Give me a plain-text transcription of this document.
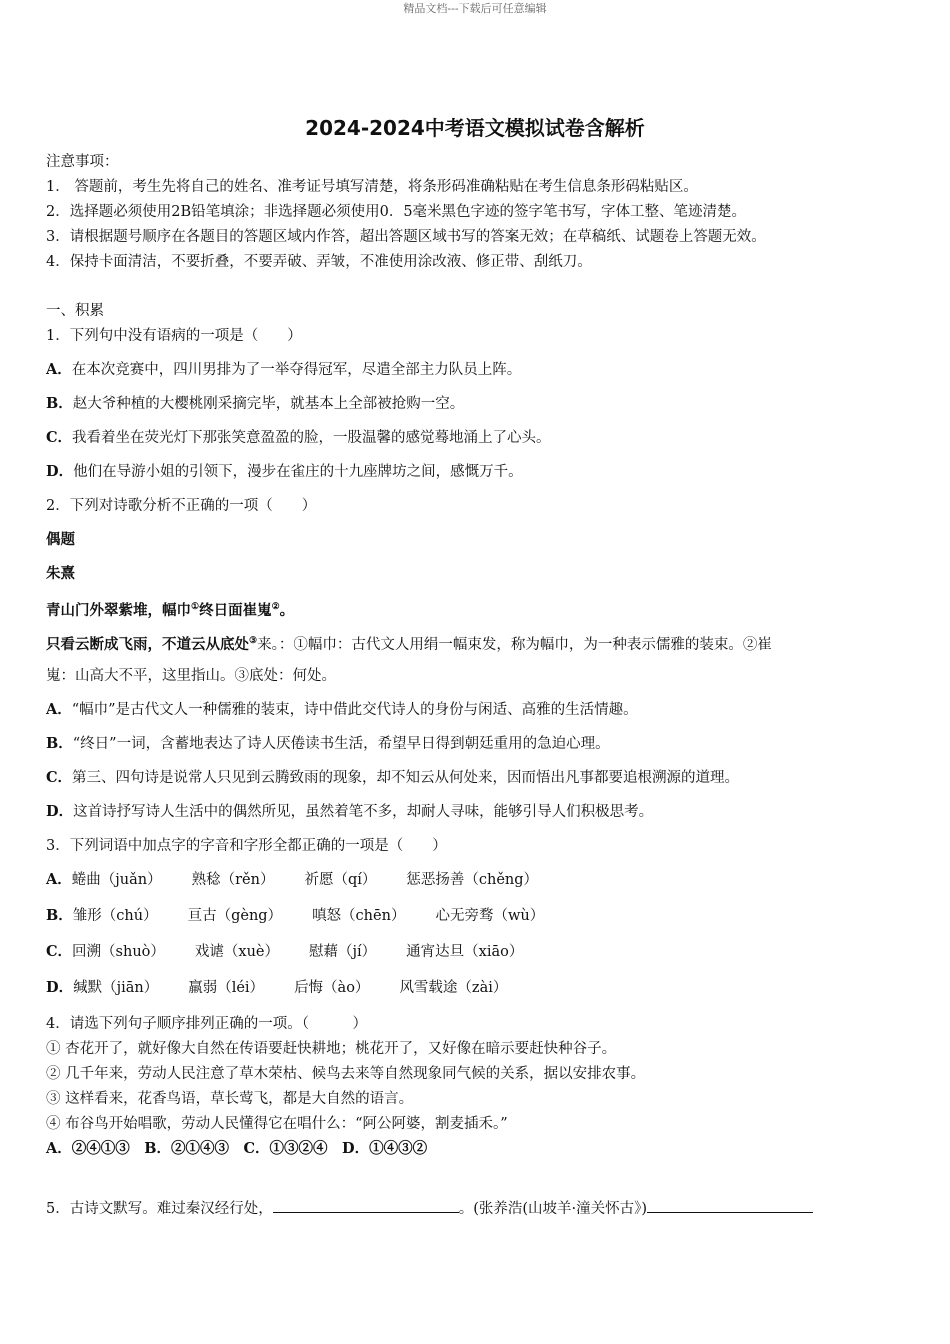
精品文档---下载后可任意编辑
2024-2024中考语文模拟试卷含解析
注意事项：
1． 答题前，考生先将自己的姓名、准考证号填写清楚，将条形码准确粘贴在考生信息条形码粘贴区。
2．选择题必须使用2B铅笔填涂；非选择题必须使用0．5毫米黑色字迹的签字笔书写，字体工整、笔迹清楚。
3．请根据题号顺序在各题目的答题区域内作答，超出答题区域书写的答案无效；在草稿纸、试题卷上答题无效。
4．保持卡面清洁，不要折叠，不要弄破、弄皱，不准使用涂改液、修正带、刮纸刀。
一、积累
1．下列句中没有语病的一项是（　　）
A．在本次竞赛中，四川男排为了一举夺得冠军，尽遣全部主力队员上阵。
B．赵大爷种植的大樱桃刚采摘完毕，就基本上全部被抢购一空。
C．我看着坐在荧光灯下那张笑意盈盈的脸，一股温馨的感觉蓦地涌上了心头。
D．他们在导游小姐的引领下，漫步在雀庄的十九座牌坊之间，感慨万千。
2．下列对诗歌分析不正确的一项（　　）
偶题
朱熹
青山门外翠紫堆，幅巾①终日面崔嵬②。
只看云断成飞雨，不道云从底处③来。：①幅巾：古代文人用绢一幅束发，称为幅巾，为一种表示儒雅的装束。②崔
嵬：山高大不平，这里指山。③底处：何处。
A．“幅巾”是古代文人一种儒雅的装束，诗中借此交代诗人的身份与闲适、高雅的生活情趣。
B．“终日”一词，含蓄地表达了诗人厌倦读书生活，希望早日得到朝廷重用的急迫心理。
C．第三、四句诗是说常人只见到云腾致雨的现象，却不知云从何处来，因而悟出凡事都要追根溯源的道理。
D．这首诗抒写诗人生活中的偶然所见，虽然着笔不多，却耐人寻味，能够引导人们积极思考。
3．下列词语中加点字的字音和字形全都正确的一项是（　　）
A．蜷曲（juǎn） 熟稔（rěn） 祈愿（qí） 惩恶扬善（chěng）
B．雏形（chú） 亘古（gèng） 嗔怒（chēn） 心无旁骛（wù）
C．回溯（shuò） 戏谑（xuè） 慰藉（jí） 通宵达旦（xiāo）
D．缄默（jiān） 羸弱（léi） 后悔（ào） 风雪载途（zài）
4．请选下列句子顺序排列正确的一项。（　　　）
① 杏花开了，就好像大自然在传语要赶快耕地；桃花开了，又好像在暗示要赶快种谷子。
② 几千年来，劳动人民注意了草木荣枯、候鸟去来等自然现象同气候的关系，据以安排农事。
③ 这样看来，花香鸟语，草长莺飞，都是大自然的语言。
④ 布谷鸟开始唱歌，劳动人民懂得它在唱什么：“阿公阿婆，割麦插禾。”
A．②④①③　B．②①④③　C．①③②④　D．①④③②
5．古诗文默写。难过秦汉经行处，	。(张养浩(山坡羊·潼关怀古》)
